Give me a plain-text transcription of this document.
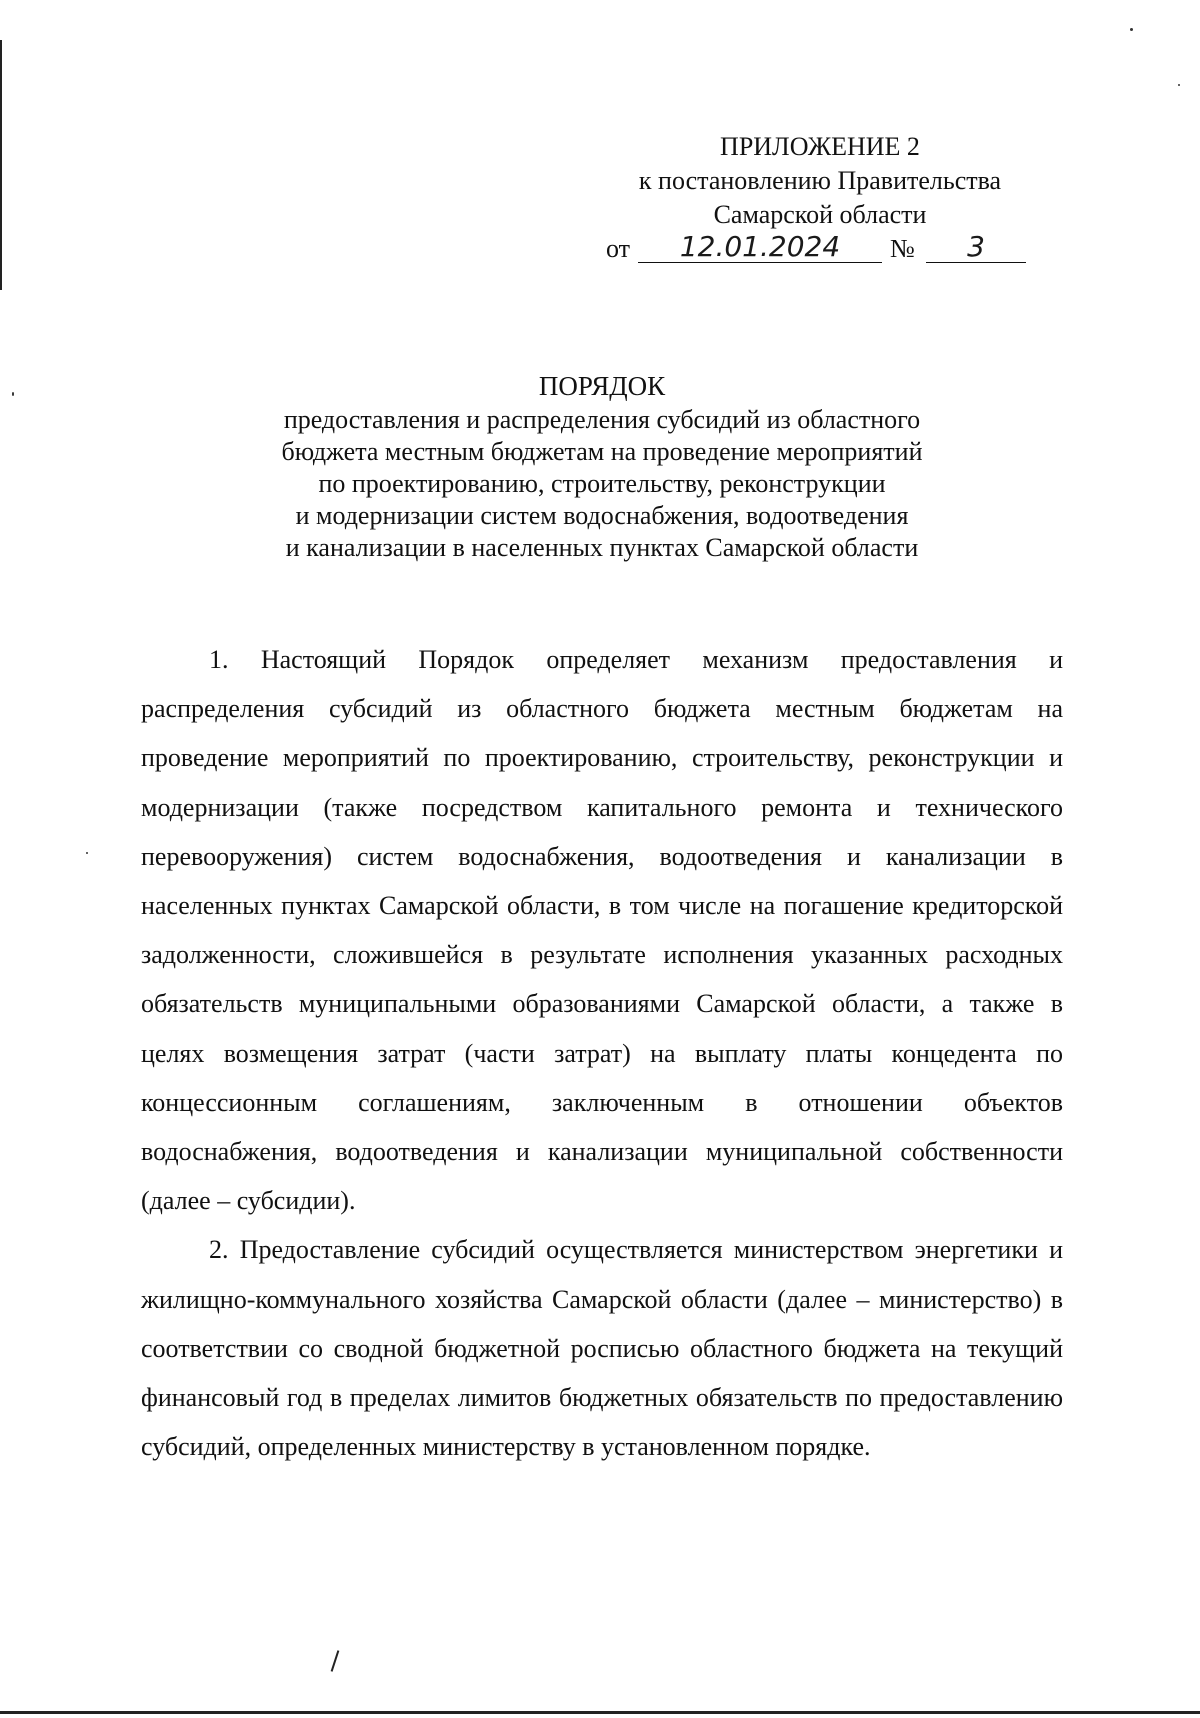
ПРИЛОЖЕНИЕ 2
к постановлению Правительства
Самарской области
от	12.01.2024	№	3
ПОРЯДОК
предоставления и распределения субсидий из областного
бюджета местным бюджетам на проведение мероприятий
по проектированию, строительству, реконструкции
и модернизации систем водоснабжения, водоотведения
и канализации в населенных пунктах Самарской области

1. Настоящий Порядок определяет механизм предоставления и распределения субсидий из областного бюджета местным бюджетам на проведение мероприятий по проектированию, строительству, реконструкции и модернизации (также посредством капитального ремонта и технического перевооружения) систем водоснабжения, водоотведения и канализации в населенных пунктах Самарской области, в том числе на погашение кредиторской задолженности, сложившейся в результате исполнения указанных расходных обязательств муниципальными образованиями Самарской области, а также в целях возмещения затрат (части затрат) на выплату платы концедента по концессионным соглашениям, заключенным в отношении объектов водоснабжения, водоотведения и канализации муниципальной собственности (далее – субсидии).

2. Предоставление субсидий осуществляется министерством энергетики и жилищно-коммунального хозяйства Самарской области (далее – министерство) в соответствии со сводной бюджетной росписью областного бюджета на текущий финансовый год в пределах лимитов бюджетных обязательств по предоставлению субсидий, определенных министерству в установленном порядке.
